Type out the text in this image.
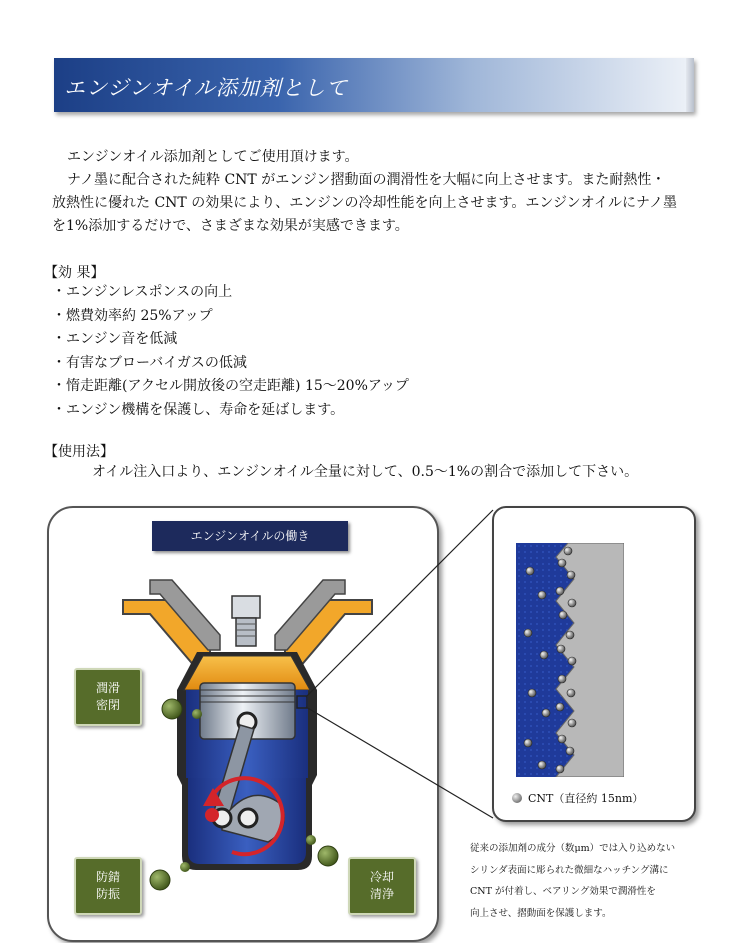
エンジンオイル添加剤として
エンジンオイル添加剤としてご使用頂けます。
ナノ墨に配合された純粋 CNT がエンジン摺動面の潤滑性を大幅に向上させます。また耐熱性・
放熱性に優れた CNT の効果により、エンジンの冷却性能を向上させます。エンジンオイルにナノ墨
を1%添加するだけで、さまざまな効果が実感できます。
【効 果】
・エンジンレスポンスの向上
・燃費効率約 25%アップ
・エンジン音を低減
・有害なブローバイガスの低減
・惰走距離(アクセル開放後の空走距離) 15～20%アップ
・エンジン機構を保護し、寿命を延ばします。
【使用法】
オイル注入口より、エンジンオイル全量に対して、0.5～1%の割合で添加して下さい。
エンジンオイルの働き
潤滑
密閉
防錆
防振
冷却
清浄
CNT（直径約 15nm）
従来の添加剤の成分（数μm）では入り込めない
シリンダ表面に彫られた微細なハッチング溝に
CNT が付着し、ベアリング効果で潤滑性を
向上させ、摺動面を保護します。
